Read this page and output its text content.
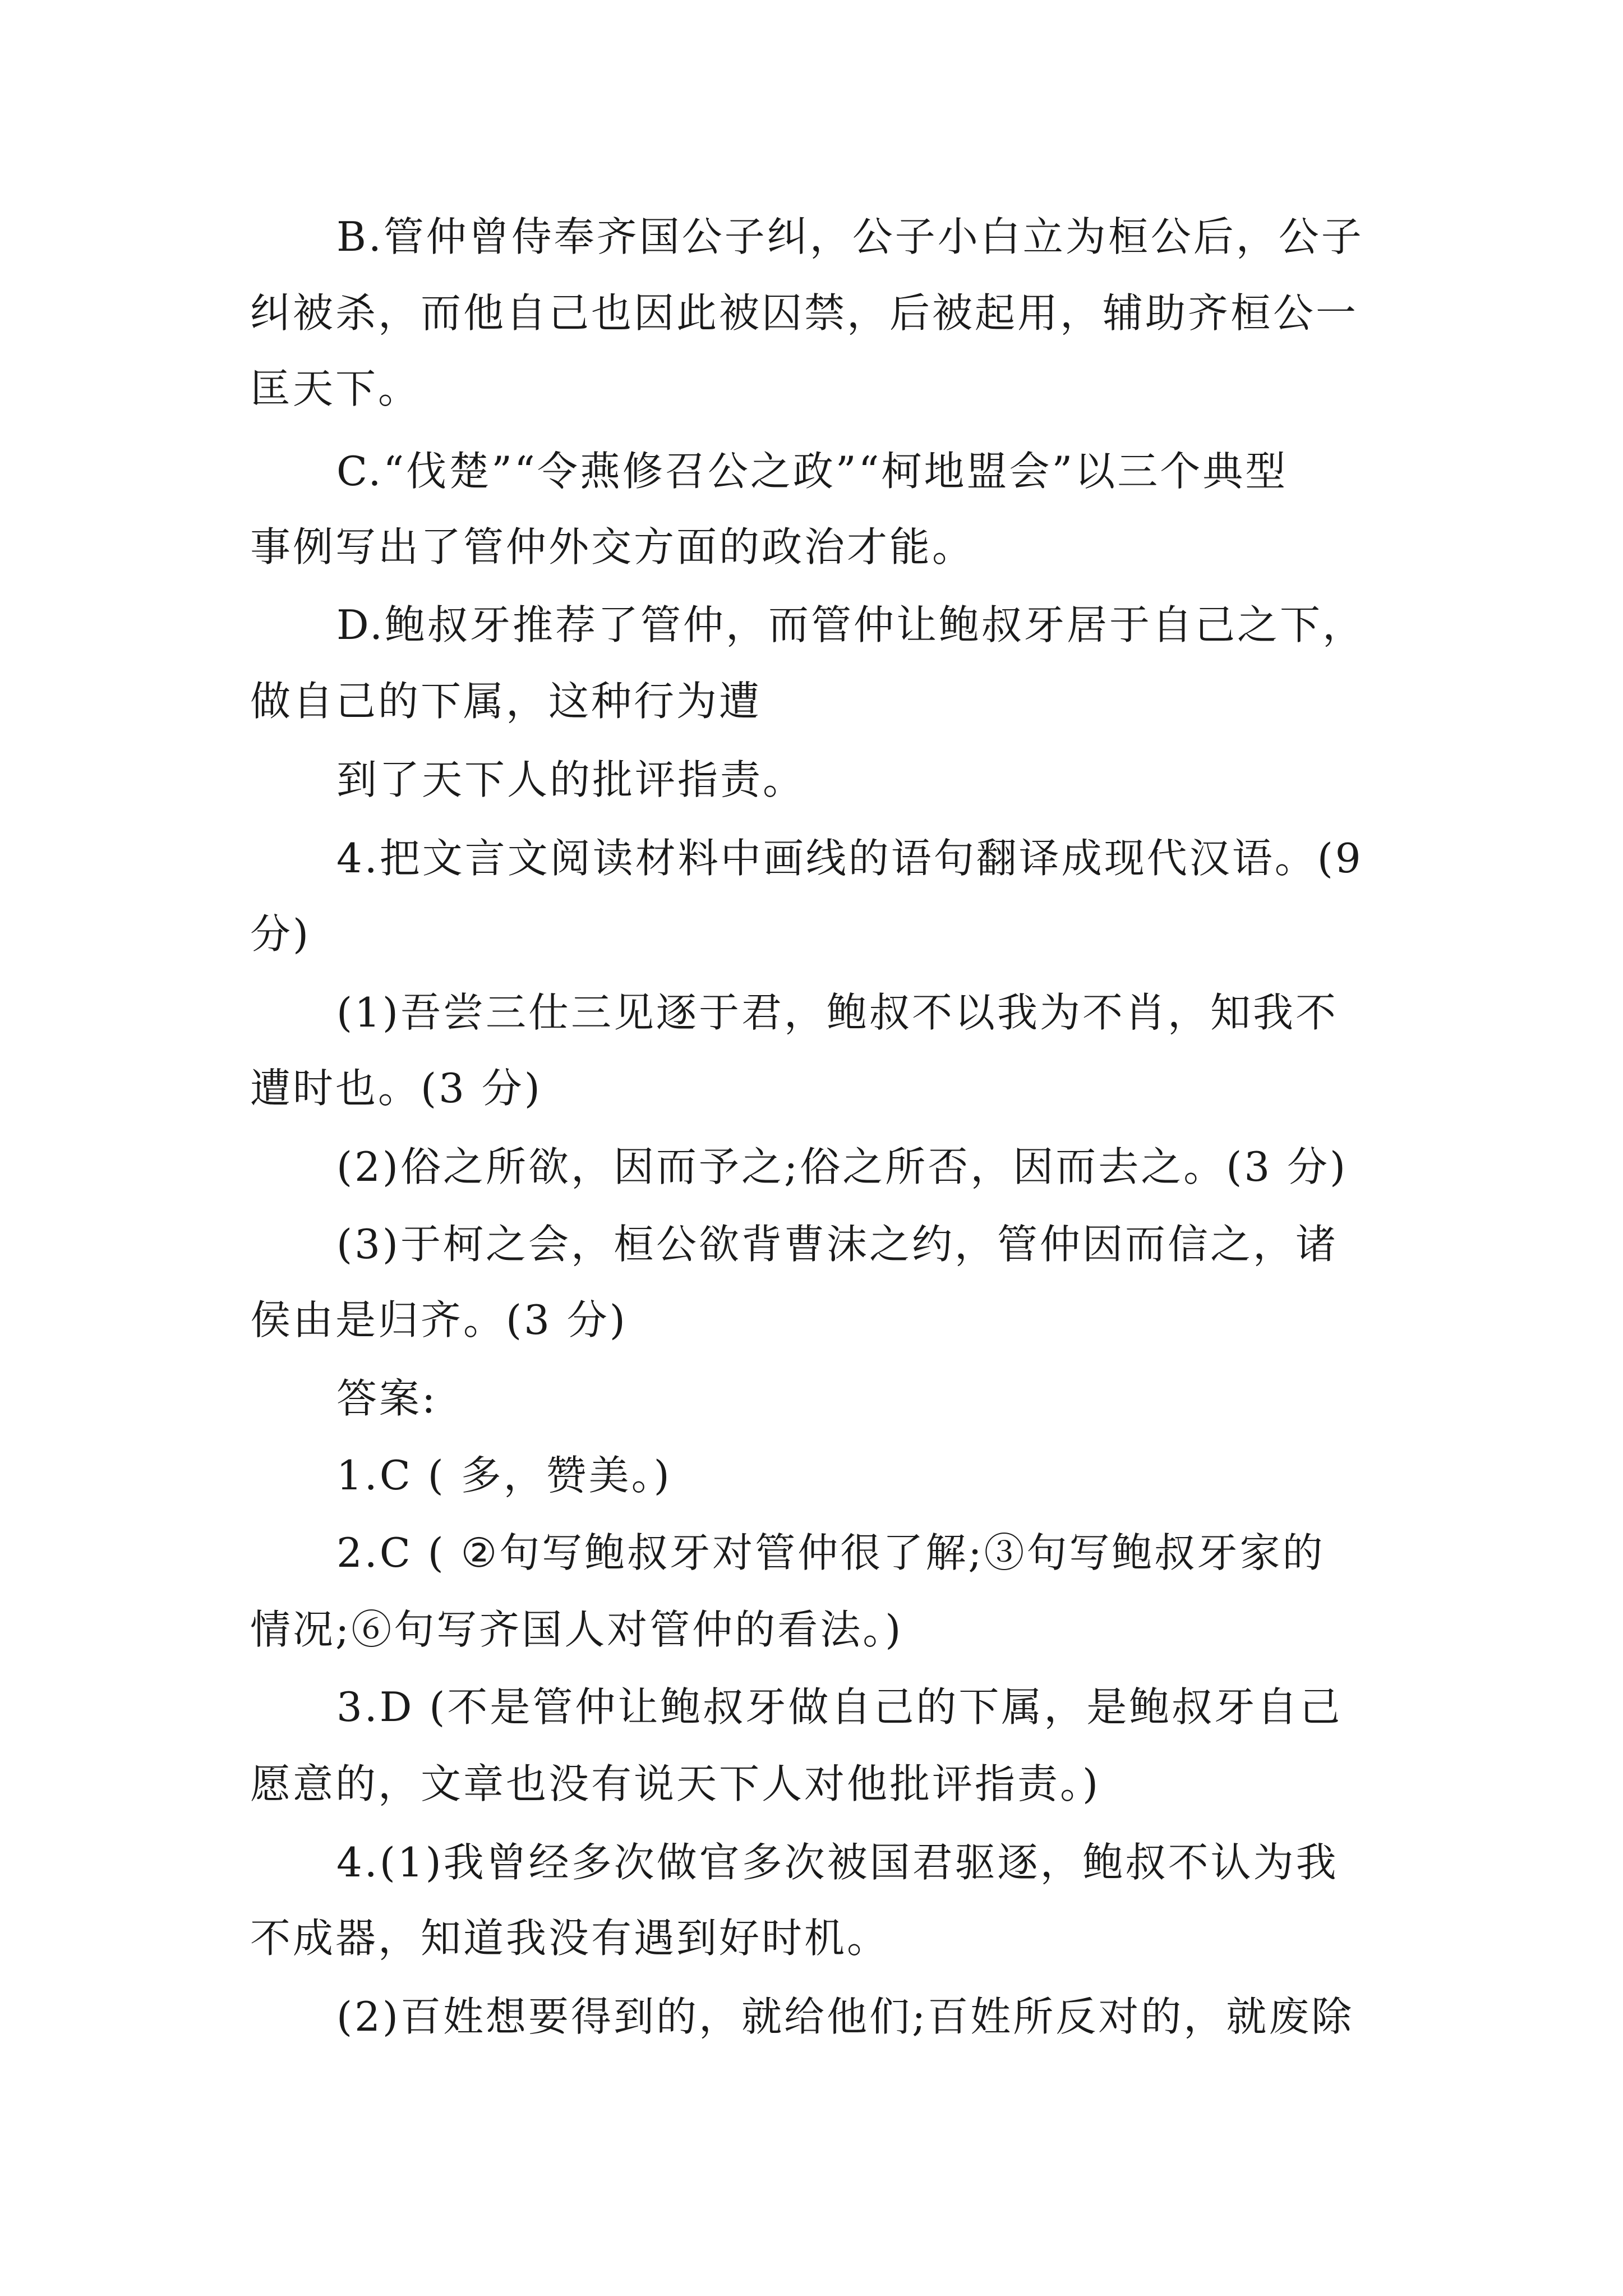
B.管仲曾侍奉齐国公子纠，公子小白立为桓公后，公子

纠被杀，而他自己也因此被囚禁，后被起用，辅助齐桓公一

匡天下。

C.“伐楚”“令燕修召公之政”“柯地盟会”以三个典型

事例写出了管仲外交方面的政治才能。

D.鲍叔牙推荐了管仲，而管仲让鲍叔牙居于自己之下，

做自己的下属，这种行为遭

到了天下人的批评指责。

4.把文言文阅读材料中画线的语句翻译成现代汉语。(9

分)

(1)吾尝三仕三见逐于君，鲍叔不以我为不肖，知我不

遭时也。(3 分)

(2)俗之所欲，因而予之;俗之所否，因而去之。(3 分)

(3)于柯之会，桓公欲背曹沫之约，管仲因而信之，诸

侯由是归齐。(3 分)

答案:

1.C ( 多，赞美。)

2.C ( ②句写鲍叔牙对管仲很了解;③句写鲍叔牙家的

情况;⑥句写齐国人对管仲的看法。)

3.D (不是管仲让鲍叔牙做自己的下属，是鲍叔牙自己

愿意的，文章也没有说天下人对他批评指责。)

4.(1)我曾经多次做官多次被国君驱逐，鲍叔不认为我

不成器，知道我没有遇到好时机。

(2)百姓想要得到的，就给他们;百姓所反对的，就废除
